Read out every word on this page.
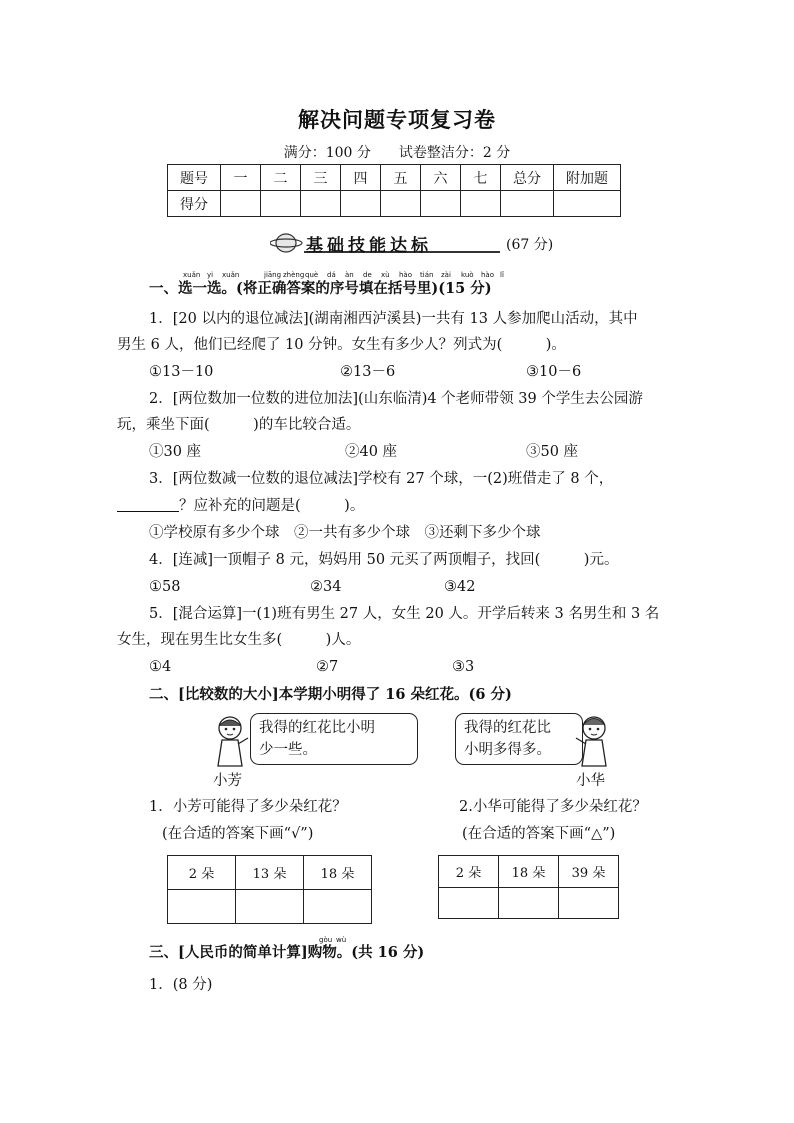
解决问题专项复习卷
满分：100 分　　试卷整洁分：2 分
题号	一	二	三	四	五	六	七	总分	附加题
得分									
基础技能达标	(67 分)
xuǎn yi xuǎn	jiāng zhèng què dá àn de xù hào tián zài kuò hào lǐ
一、选一选。(将正确答案的序号填在括号里)(15 分)
1．[20 以内的退位减法](湖南湘西泸溪县)一共有 13 人参加爬山活动，其中
男生 6 人，他们已经爬了 10 分钟。女生有多少人？列式为(　　　)。
①13－10	②13－6	③10－6
2．[两位数加一位数的进位加法](山东临清)4 个老师带领 39 个学生去公园游
玩，乘坐下面(　　　)的车比较合适。
①30 座	②40 座	③50 座
3．[两位数减一位数的退位减法]学校有 27 个球，一(2)班借走了 8 个，
？应补充的问题是(　　　)。
①学校原有多少个球　②一共有多少个球　③还剩下多少个球
4．[连减]一顶帽子 8 元，妈妈用 50 元买了两顶帽子，找回(　　　)元。
①58	②34	③42
5．[混合运算]一(1)班有男生 27 人，女生 20 人。开学后转来 3 名男生和 3 名
女生，现在男生比女生多(　　　)人。
①4	②7	③3
二、[比较数的大小]本学期小明得了 16 朵红花。(6 分)
我得的红花比小明
少一些。
小芳
我得的红花比
小明多得多。
小华
1．小芳可能得了多少朵红花？
(在合适的答案下画“√”)
2.小华可能得了多少朵红花？
(在合适的答案下画“△”)
2 朵	13 朵	18 朵
			2 朵	18 朵	39 朵

gòu wù
三、[人民币的简单计算]购物。(共 16 分)
1．(8 分)
